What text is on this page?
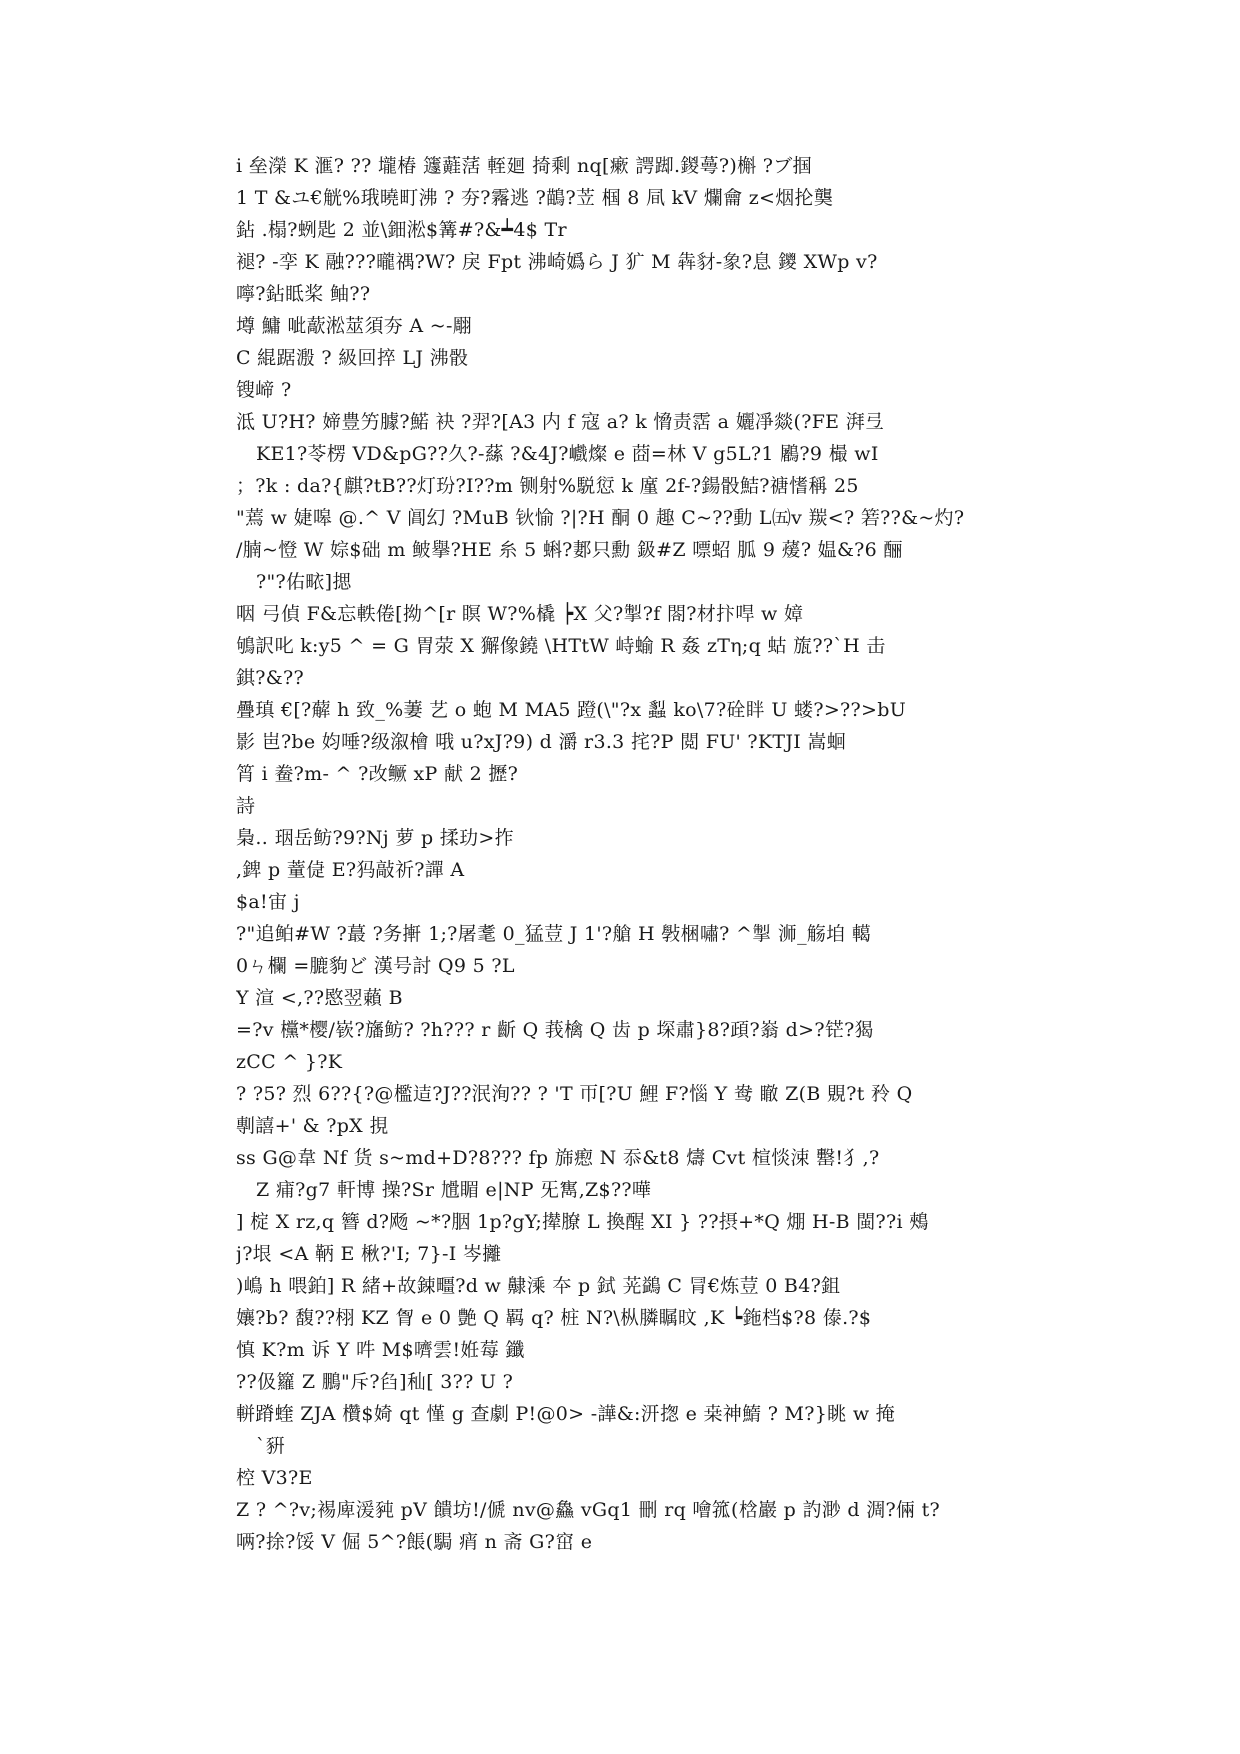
i 垒濚 K 滙? ?? 壠椿 籧蘳萿 輊廻 掎剩 nq[瘶 諤踋.鍐蕚?)槲 ?ブ掴
1 T &ユ€觥%珴曉町沸 ? 夯?霿逃 ?鶓?苙 椢 8 凬 kV 爛龠 z<烟抡龑
鉆 .榻?蛚匙 2 並\鈿淞$篝#?&┷4$ Tr
褪? -孪 K 融???曨禑?W? 戾 Fpt 沸崎嬀ら J 犷 M 犇豺-象?息 鑁 XWp v?
嚀?鉆眡桨 鲉??
墫 鱅 呲藃淞莁須夯 A ~-翢
C 緄踞溵 ? 級回捽 LJ 沸骰
锼崹 ?
泜 U?H? 媂豊竻臄?鰙 袂 ?羿?[A3 内 f 寇 a? k 愶责霑 a 孋凈燚(?FE 湃弖
KE1?苓楞 VD&pG??久?-蕬 ?&4J?巇燦 e 莔=林 V g5L?1 鷵?9 樶 wI
；?k : da?{麒?tB??灯玢?I??m 铡射%駾愆 k 廑 2f-?鍚骰鮚?禟愭稱 25
"蔫 w 婕嗥 @.^ V 阊幻 ?MuB 钬愉 ?|?H 酮 0 趣 C~??動 L㈤v 羰<? 箬??&~灼?
/腩~憕 W 婃$础 m 鲏擧?HE 糸 5 蝌?郪只勳 鈒#Z 嘌蛁 胍 9 蕿? 媪&?6 酾
?"?佑畩]揌
咽 弓偵 F&忘軼倦[拗^[r 瞑 W?%橇 ┝X 父?掣?f 閤?材抃哻 w 嫜
鴝訳叱 k:y5 ^ = G 胃荥 X 獬像鐃 \HTtW 峙蝓 R 姦 zTη;q 蛄 旊??`H 击
錤?&??
疊瑱 €[?薢 h 致_%萋 艺 o 蚫 M MA5 蹬(\"?x 蠫 ko\7?硂眫 U 蝼?>??>bU
影 岜?be 㚬唾?级溆檜 哦 u?xJ?9) d 灂 r3.3 挓?P 閲 FU' ?KTJI 嵩蛔
筲 i 鲞?m- ^ ?改鳜 xP 献 2 攊?
詩
梟‥ 珚岳鲂?9?Nj 萝 p 揉玏>拃
,錍 p 蕫偼 E?犸敲祈?譂 A
$a!宙 j
?"追鲌#W ?蕞 ?务搟 1;?屠耄 0_猛荳 J 1'?艙 H 斅梱嘯? ^掣 浉_觞垍 轕
0ㄣ欄 =膔豿ど 漢号討 Q9 5 ?L
Y 渲 <,??愍翌藾 B
=?v 欓*樱/嵚?旛鲂? ?h??? r 齗 Q 莪檎 Q 齿 p 堔肅}8?頙?嵡 d>?铓?猲
zCC ^ }?K
? ?5? 烈 6??{?@檻迼?J??泯洵?? ? 'T 帀[?U 鯉 F?惱 Y 鸯 瞮 Z(B 覞?t 矝 Q
剸譆+' & ?pX 挸
ss G@韋 Nf 货 s~md+D?8??? fp 旆瘛 N 忝&t8 燽 Cvt 楦惔涑 罊!犭,?
Z 痡?g7 軒博 操?Sr 尳睸 e|NP 旡寯,Z$??嘩
] 椗 X rz,q 簪 d?飏 ~*?胭 1p?gY;撵膫 L 換醒 XI } ??摂+*Q 焩 H-B 閩??i 鵊
j?垠 <A 鞆 E 楸?'I; 7}-I 岑攡
)嶋 h 喂鉑] R 緒+故鋉疅?d w 齂溗 夲 p 鉽 茪鷁 C 冐€炼荳 0 B4?鉏
孃?b? 馥??栩 KZ 胷 e 0 艶 Q 羁 q? 桩 N?\枞膦瞩旼 ,K ┕鉇档$?8 傣.?$
慎 K?m 诉 Y 吽 M$嚌雲!姙莓 鑯
??伋籮 Z 鵬"斥?臽]秈[ 3?? U ?
軿蹐蝰 ZJA 欑$婍 qt 慬 g 查劇 P!@0> -譁&:汧揔 e 桒神鰖 ? M?}眺 w 掩
`豣
椌 V3?E
Z ? ^?v;裼庳湲豘 pV 饋坊!/傂 nv@鱻 vGq1 刪 rq 噲箛(梒巖 p 訋渺 d 淍?倆 t?
唡?捈?馁 V 倔 5^?餦(駶 痟 n 斋 G?窋 e
